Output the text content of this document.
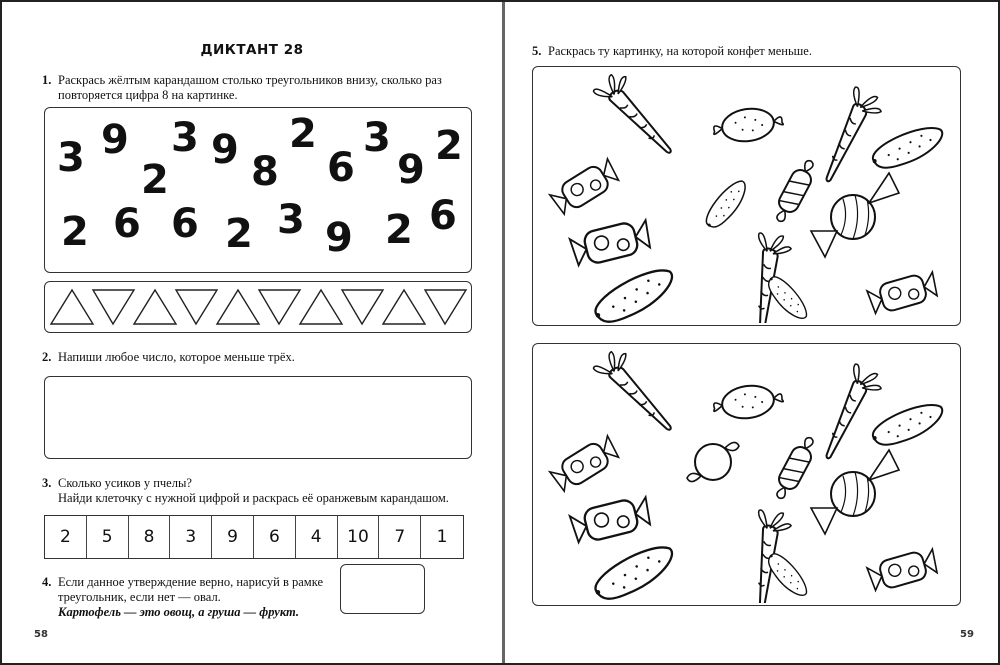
ДИКТАНТ 28
1. Раскрась жёлтым карандашом столько треугольников внизу, сколько раз
повторяется цифра 8 на картинке.
3 9
2
3 9 8
2
6
3
9
2
2 6 6 2 3 9 2 6
2. Напиши любое число, которое меньше трёх.
3. Сколько усиков у пчелы?
Найди клеточку с нужной цифрой и раскрась её оранжевым карандашом.
2	5	8	3	9	6	4	10	7	1
4. Если данное утверждение верно, нарисуй в рамке
треугольник, если нет — овал.
Картофель — это овощ, а груша — фрукт.
58
5. Раскрась ту картинку, на которой конфет меньше.
59
